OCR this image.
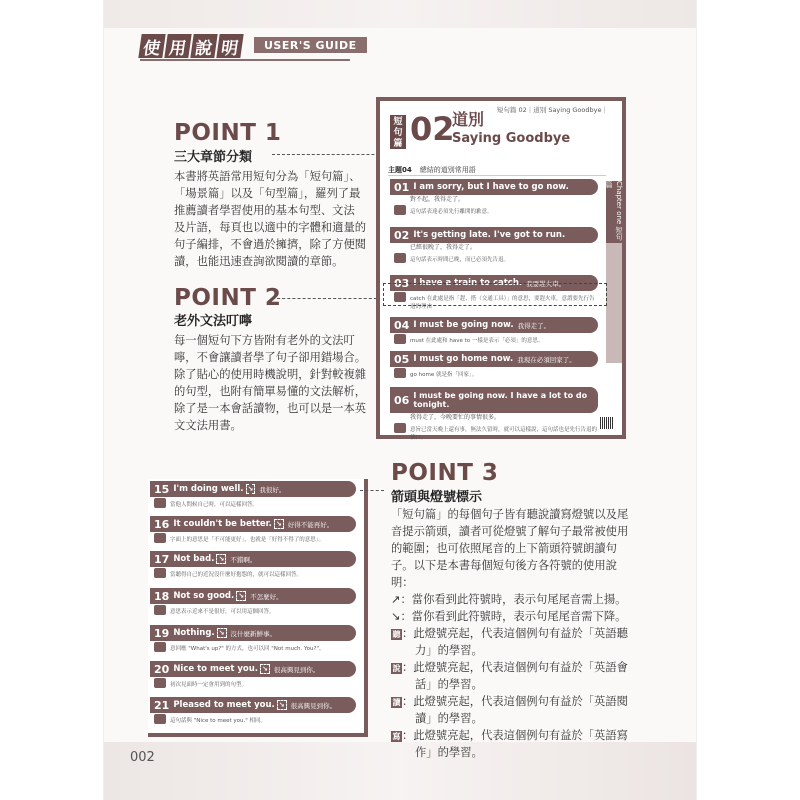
使 用 說 明	USER'S GUIDE
POINT 1
三大章節分類
本書將英語常用短句分為「短句篇」、
「場景篇」以及「句型篇」，羅列了最
推薦讀者學習使用的基本句型、文法
及片語，每頁也以適中的字體和適量的
句子編排，不會過於擁擠，除了方便閱
讀，也能迅速查詢欲閱讀的章節。
POINT 2
老外文法叮嚀
每一個短句下方皆附有老外的文法叮
嚀，不會讓讀者學了句子卻用錯場合。
除了貼心的使用時機說明，針對較複雜
的句型，也附有簡單易懂的文法解析，
除了是一本會話讀物，也可以是一本英
文文法用書。
短句篇 02｜道別 Saying Goodbye｜
短句篇 02
道別
Saying Goodbye
主題04 總結的道別常用語
Chapter one 短句篇
01 I am sorry, but I have to go now.
對不起，我得走了。
這句話表達必須先行離開的歉意。
02 It's getting late. I've got to run.
已經很晚了，我得走了。
這句話表示時間已晚，而已必須先告退。
03 I have a train to catch. 我要趕火車。
catch 在此處是指「趕、搭（交通工具）」的意思，要趕火車，意謂要先行告退的理由
04 I must be going now. 我得走了。
must 在此處和 have to 一樣是表示「必須」的意思。
05 I must go home now. 我現在必須回家了。
go home 就是指「回家」。
06 I must be going now. I have a lot to do tonight.
我得走了，今晚要忙的事情很多。
意旨已當天晚上還有事，無法久留時，就可以這樣說，這句話也是先行告退的藉口。
15 I'm doing well. ↘ 我很好。
當他人問候自己時，可以這樣回答。
16 It couldn't be better. ↘ 好得不能再好。
字面上的意思是「不可能更好」，也就是「好得不得了的意思」。
17 Not bad. ↘ 不錯啊。
當聽得自己的近況沒什麼好抱怨的，就可以這樣回答。
18 Not so good. ↘ 不怎麼好。
意思表示近來不是很好，可以用這個回答。
19 Nothing. ↘ 沒什麼新鮮事。
意回應 "What's up?" 的方式，也可以回 "Not much. You?"。
20 Nice to meet you. ↘ 很高興見到你。
初次見面時一定會用到的句型。
21 Pleased to meet you. ↘ 很高興見到你。
這句話與 "Nice to meet you." 相同。
POINT 3
箭頭與燈號標示
「短句篇」的每個句子皆有聽說讀寫燈號以及尾
音提示箭頭，讀者可從燈號了解句子最常被使用
的範圍；也可依照尾音的上下箭頭符號朗讀句
子。以下是本書每個短句後方各符號的使用說
明：
↗：當你看到此符號時，表示句尾尾音需上揚。
↘：當你看到此符號時，表示句尾尾音需下降。
聽 ：此燈號亮起，代表這個例句有益於「英語聽
力」的學習。
說 ：此燈號亮起，代表這個例句有益於「英語會
話」的學習。
讀 ：此燈號亮起，代表這個例句有益於「英語閱
讀」的學習。
寫 ：此燈號亮起，代表這個例句有益於「英語寫
作」的學習。
002
